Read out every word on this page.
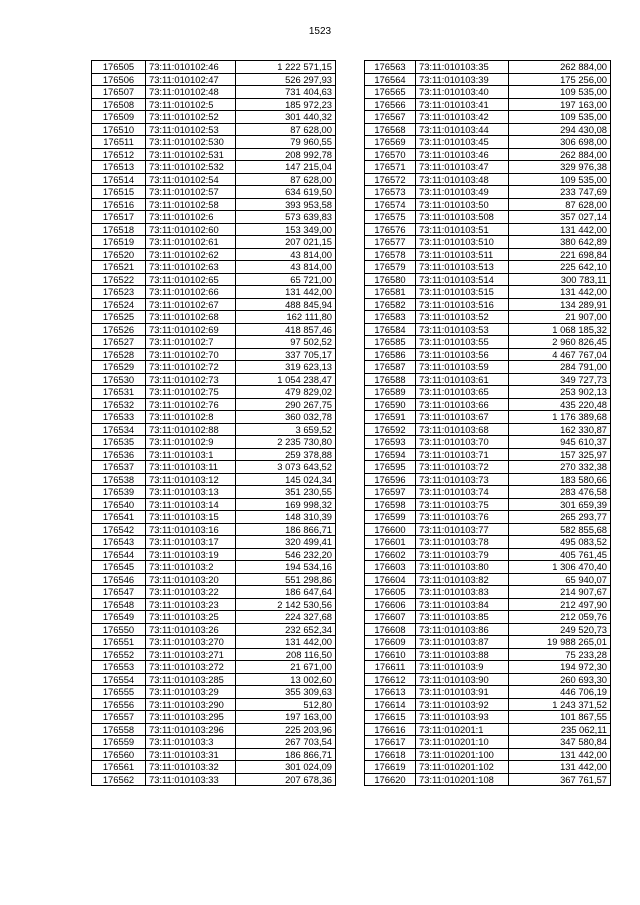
1523
176505	73:11:010102:46	1 222 571,15
176506	73:11:010102:47	526 297,93
176507	73:11:010102:48	731 404,63
176508	73:11:010102:5	185 972,23
176509	73:11:010102:52	301 440,32
176510	73:11:010102:53	87 628,00
176511	73:11:010102:530	79 960,55
176512	73:11:010102:531	208 992,78
176513	73:11:010102:532	147 215,04
176514	73:11:010102:54	87 628,00
176515	73:11:010102:57	634 619,50
176516	73:11:010102:58	393 953,58
176517	73:11:010102:6	573 639,83
176518	73:11:010102:60	153 349,00
176519	73:11:010102:61	207 021,15
176520	73:11:010102:62	43 814,00
176521	73:11:010102:63	43 814,00
176522	73:11:010102:65	65 721,00
176523	73:11:010102:66	131 442,00
176524	73:11:010102:67	488 845,94
176525	73:11:010102:68	162 111,80
176526	73:11:010102:69	418 857,46
176527	73:11:010102:7	97 502,52
176528	73:11:010102:70	337 705,17
176529	73:11:010102:72	319 623,13
176530	73:11:010102:73	1 054 238,47
176531	73:11:010102:75	479 829,02
176532	73:11:010102:76	290 267,75
176533	73:11:010102:8	360 032,78
176534	73:11:010102:88	3 659,52
176535	73:11:010102:9	2 235 730,80
176536	73:11:010103:1	259 378,88
176537	73:11:010103:11	3 073 643,52
176538	73:11:010103:12	145 024,34
176539	73:11:010103:13	351 230,55
176540	73:11:010103:14	169 998,32
176541	73:11:010103:15	148 310,39
176542	73:11:010103:16	186 866,71
176543	73:11:010103:17	320 499,41
176544	73:11:010103:19	546 232,20
176545	73:11:010103:2	194 534,16
176546	73:11:010103:20	551 298,86
176547	73:11:010103:22	186 647,64
176548	73:11:010103:23	2 142 530,56
176549	73:11:010103:25	224 327,68
176550	73:11:010103:26	232 652,34
176551	73:11:010103:270	131 442,00
176552	73:11:010103:271	208 116,50
176553	73:11:010103:272	21 671,00
176554	73:11:010103:285	13 002,60
176555	73:11:010103:29	355 309,63
176556	73:11:010103:290	512,80
176557	73:11:010103:295	197 163,00
176558	73:11:010103:296	225 203,96
176559	73:11:010103:3	267 703,54
176560	73:11:010103:31	186 866,71
176561	73:11:010103:32	301 024,09
176562	73:11:010103:33	207 678,36
176563	73:11:010103:35	262 884,00
176564	73:11:010103:39	175 256,00
176565	73:11:010103:40	109 535,00
176566	73:11:010103:41	197 163,00
176567	73:11:010103:42	109 535,00
176568	73:11:010103:44	294 430,08
176569	73:11:010103:45	306 698,00
176570	73:11:010103:46	262 884,00
176571	73:11:010103:47	329 976,38
176572	73:11:010103:48	109 535,00
176573	73:11:010103:49	233 747,69
176574	73:11:010103:50	87 628,00
176575	73:11:010103:508	357 027,14
176576	73:11:010103:51	131 442,00
176577	73:11:010103:510	380 642,89
176578	73:11:010103:511	221 698,84
176579	73:11:010103:513	225 642,10
176580	73:11:010103:514	300 783,11
176581	73:11:010103:515	131 442,00
176582	73:11:010103:516	134 289,91
176583	73:11:010103:52	21 907,00
176584	73:11:010103:53	1 068 185,32
176585	73:11:010103:55	2 960 826,45
176586	73:11:010103:56	4 467 767,04
176587	73:11:010103:59	284 791,00
176588	73:11:010103:61	349 727,73
176589	73:11:010103:65	253 902,13
176590	73:11:010103:66	435 220,48
176591	73:11:010103:67	1 176 389,68
176592	73:11:010103:68	162 330,87
176593	73:11:010103:70	945 610,37
176594	73:11:010103:71	157 325,97
176595	73:11:010103:72	270 332,38
176596	73:11:010103:73	183 580,66
176597	73:11:010103:74	283 476,58
176598	73:11:010103:75	301 659,39
176599	73:11:010103:76	265 293,77
176600	73:11:010103:77	582 855,68
176601	73:11:010103:78	495 083,52
176602	73:11:010103:79	405 761,45
176603	73:11:010103:80	1 306 470,40
176604	73:11:010103:82	65 940,07
176605	73:11:010103:83	214 907,67
176606	73:11:010103:84	212 497,90
176607	73:11:010103:85	212 059,76
176608	73:11:010103:86	249 520,73
176609	73:11:010103:87	19 988 265,01
176610	73:11:010103:88	75 233,28
176611	73:11:010103:9	194 972,30
176612	73:11:010103:90	260 693,30
176613	73:11:010103:91	446 706,19
176614	73:11:010103:92	1 243 371,52
176615	73:11:010103:93	101 867,55
176616	73:11:010201:1	235 062,11
176617	73:11:010201:10	347 580,84
176618	73:11:010201:100	131 442,00
176619	73:11:010201:102	131 442,00
176620	73:11:010201:108	367 761,57
